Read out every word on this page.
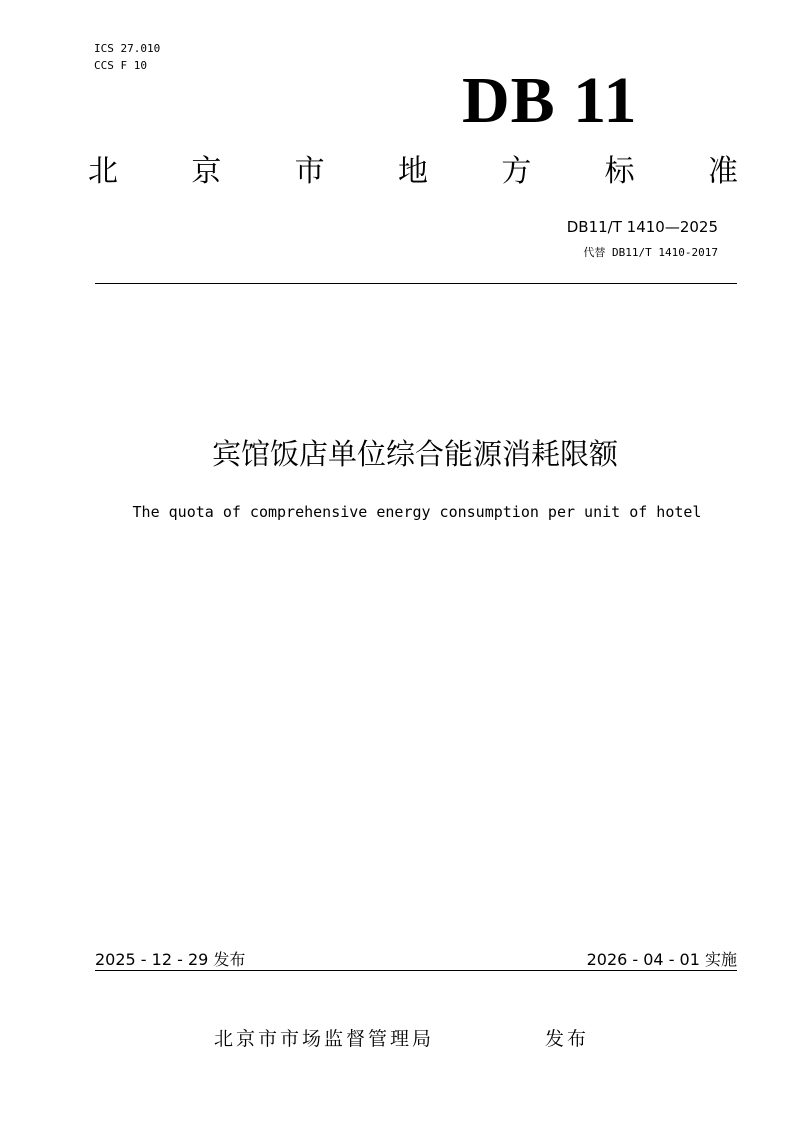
ICS 27.010
CCS F 10	DB 11
北 京 市 地 方 标 准
DB11/T 1410—2025
代替 DB11/T 1410-2017
宾馆饭店单位综合能源消耗限额
The quota of comprehensive energy consumption per unit of hotel
2025 - 12 - 29 发布	2026 - 04 - 01 实施
北京市市场监督管理局	发布
